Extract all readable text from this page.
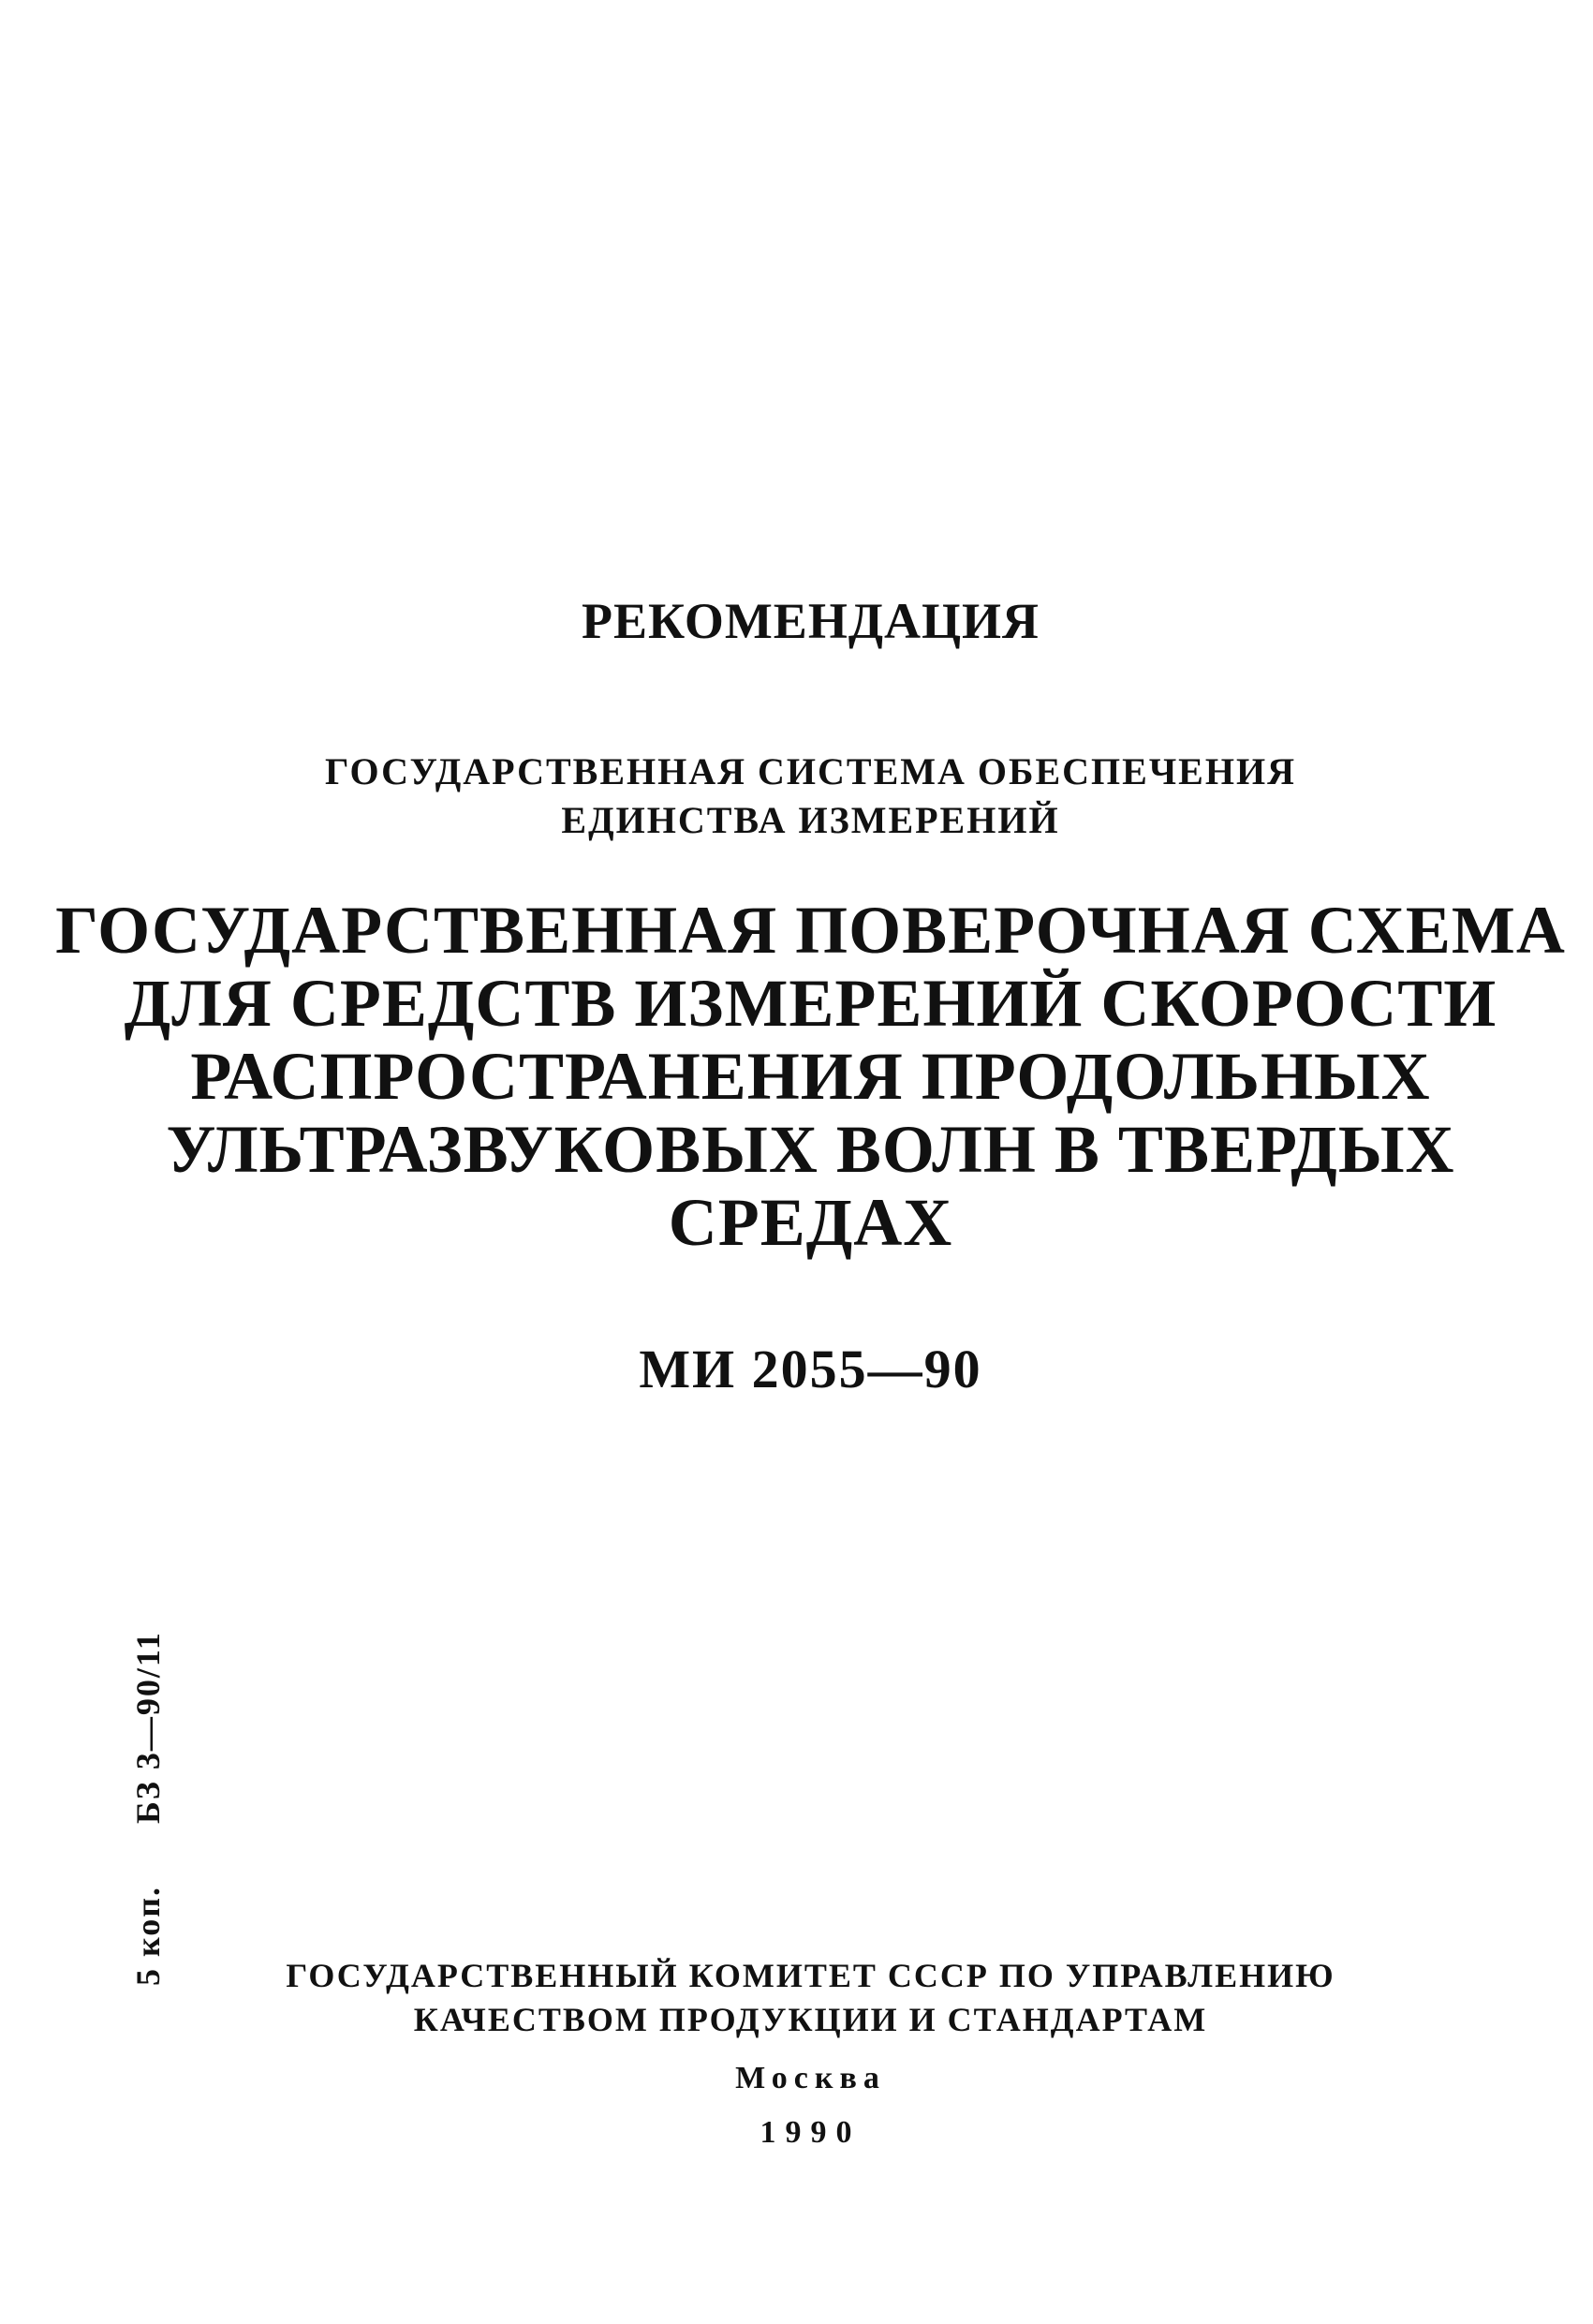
РЕКОМЕНДАЦИЯ
ГОСУДАРСТВЕННАЯ СИСТЕМА ОБЕСПЕЧЕНИЯ
ЕДИНСТВА ИЗМЕРЕНИЙ
ГОСУДАРСТВЕННАЯ ПОВЕРОЧНАЯ СХЕМА
ДЛЯ СРЕДСТВ ИЗМЕРЕНИЙ СКОРОСТИ
РАСПРОСТРАНЕНИЯ ПРОДОЛЬНЫХ
УЛЬТРАЗВУКОВЫХ ВОЛН В ТВЕРДЫХ
СРЕДАХ
МИ 2055—90
5 коп.БЗ 3—90/11
ГОСУДАРСТВЕННЫЙ КОМИТЕТ СССР ПО УПРАВЛЕНИЮ
КАЧЕСТВОМ ПРОДУКЦИИ И СТАНДАРТАМ
Москва
1990
